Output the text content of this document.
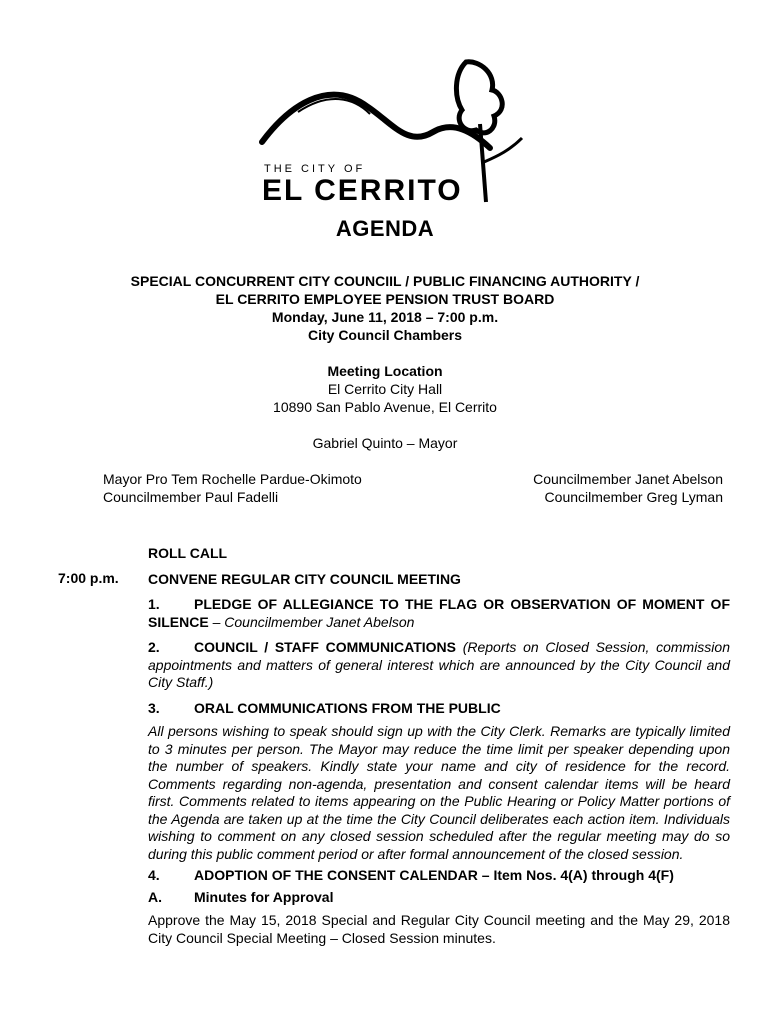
THE CITY OF
EL CERRITO
AGENDA
SPECIAL CONCURRENT CITY COUNCIIL / PUBLIC FINANCING AUTHORITY /
EL CERRITO EMPLOYEE PENSION TRUST BOARD
Monday, June 11, 2018 – 7:00 p.m.
City Council Chambers
Meeting Location
El Cerrito City Hall
10890 San Pablo Avenue, El Cerrito
Gabriel Quinto – Mayor
Mayor Pro Tem Rochelle Pardue-Okimoto	Councilmember Janet Abelson
Councilmember Paul Fadelli	Councilmember Greg Lyman
7:00 p.m.
ROLL CALL
CONVENE REGULAR CITY COUNCIL MEETING
1. PLEDGE OF ALLEGIANCE TO THE FLAG OR OBSERVATION OF MOMENT OF SILENCE – Councilmember Janet Abelson
2. COUNCIL / STAFF COMMUNICATIONS (Reports on Closed Session, commission appointments and matters of general interest which are announced by the City Council and City Staff.)
3. ORAL COMMUNICATIONS FROM THE PUBLIC
All persons wishing to speak should sign up with the City Clerk. Remarks are typically limited to 3 minutes per person. The Mayor may reduce the time limit per speaker depending upon the number of speakers. Kindly state your name and city of residence for the record. Comments regarding non-agenda, presentation and consent calendar items will be heard first. Comments related to items appearing on the Public Hearing or Policy Matter portions of the Agenda are taken up at the time the City Council deliberates each action item. Individuals wishing to comment on any closed session scheduled after the regular meeting may do so during this public comment period or after formal announcement of the closed session.
4. ADOPTION OF THE CONSENT CALENDAR – Item Nos. 4(A) through 4(F)
A. Minutes for Approval
Approve the May 15, 2018 Special and Regular City Council meeting and the May 29, 2018 City Council Special Meeting – Closed Session minutes.
